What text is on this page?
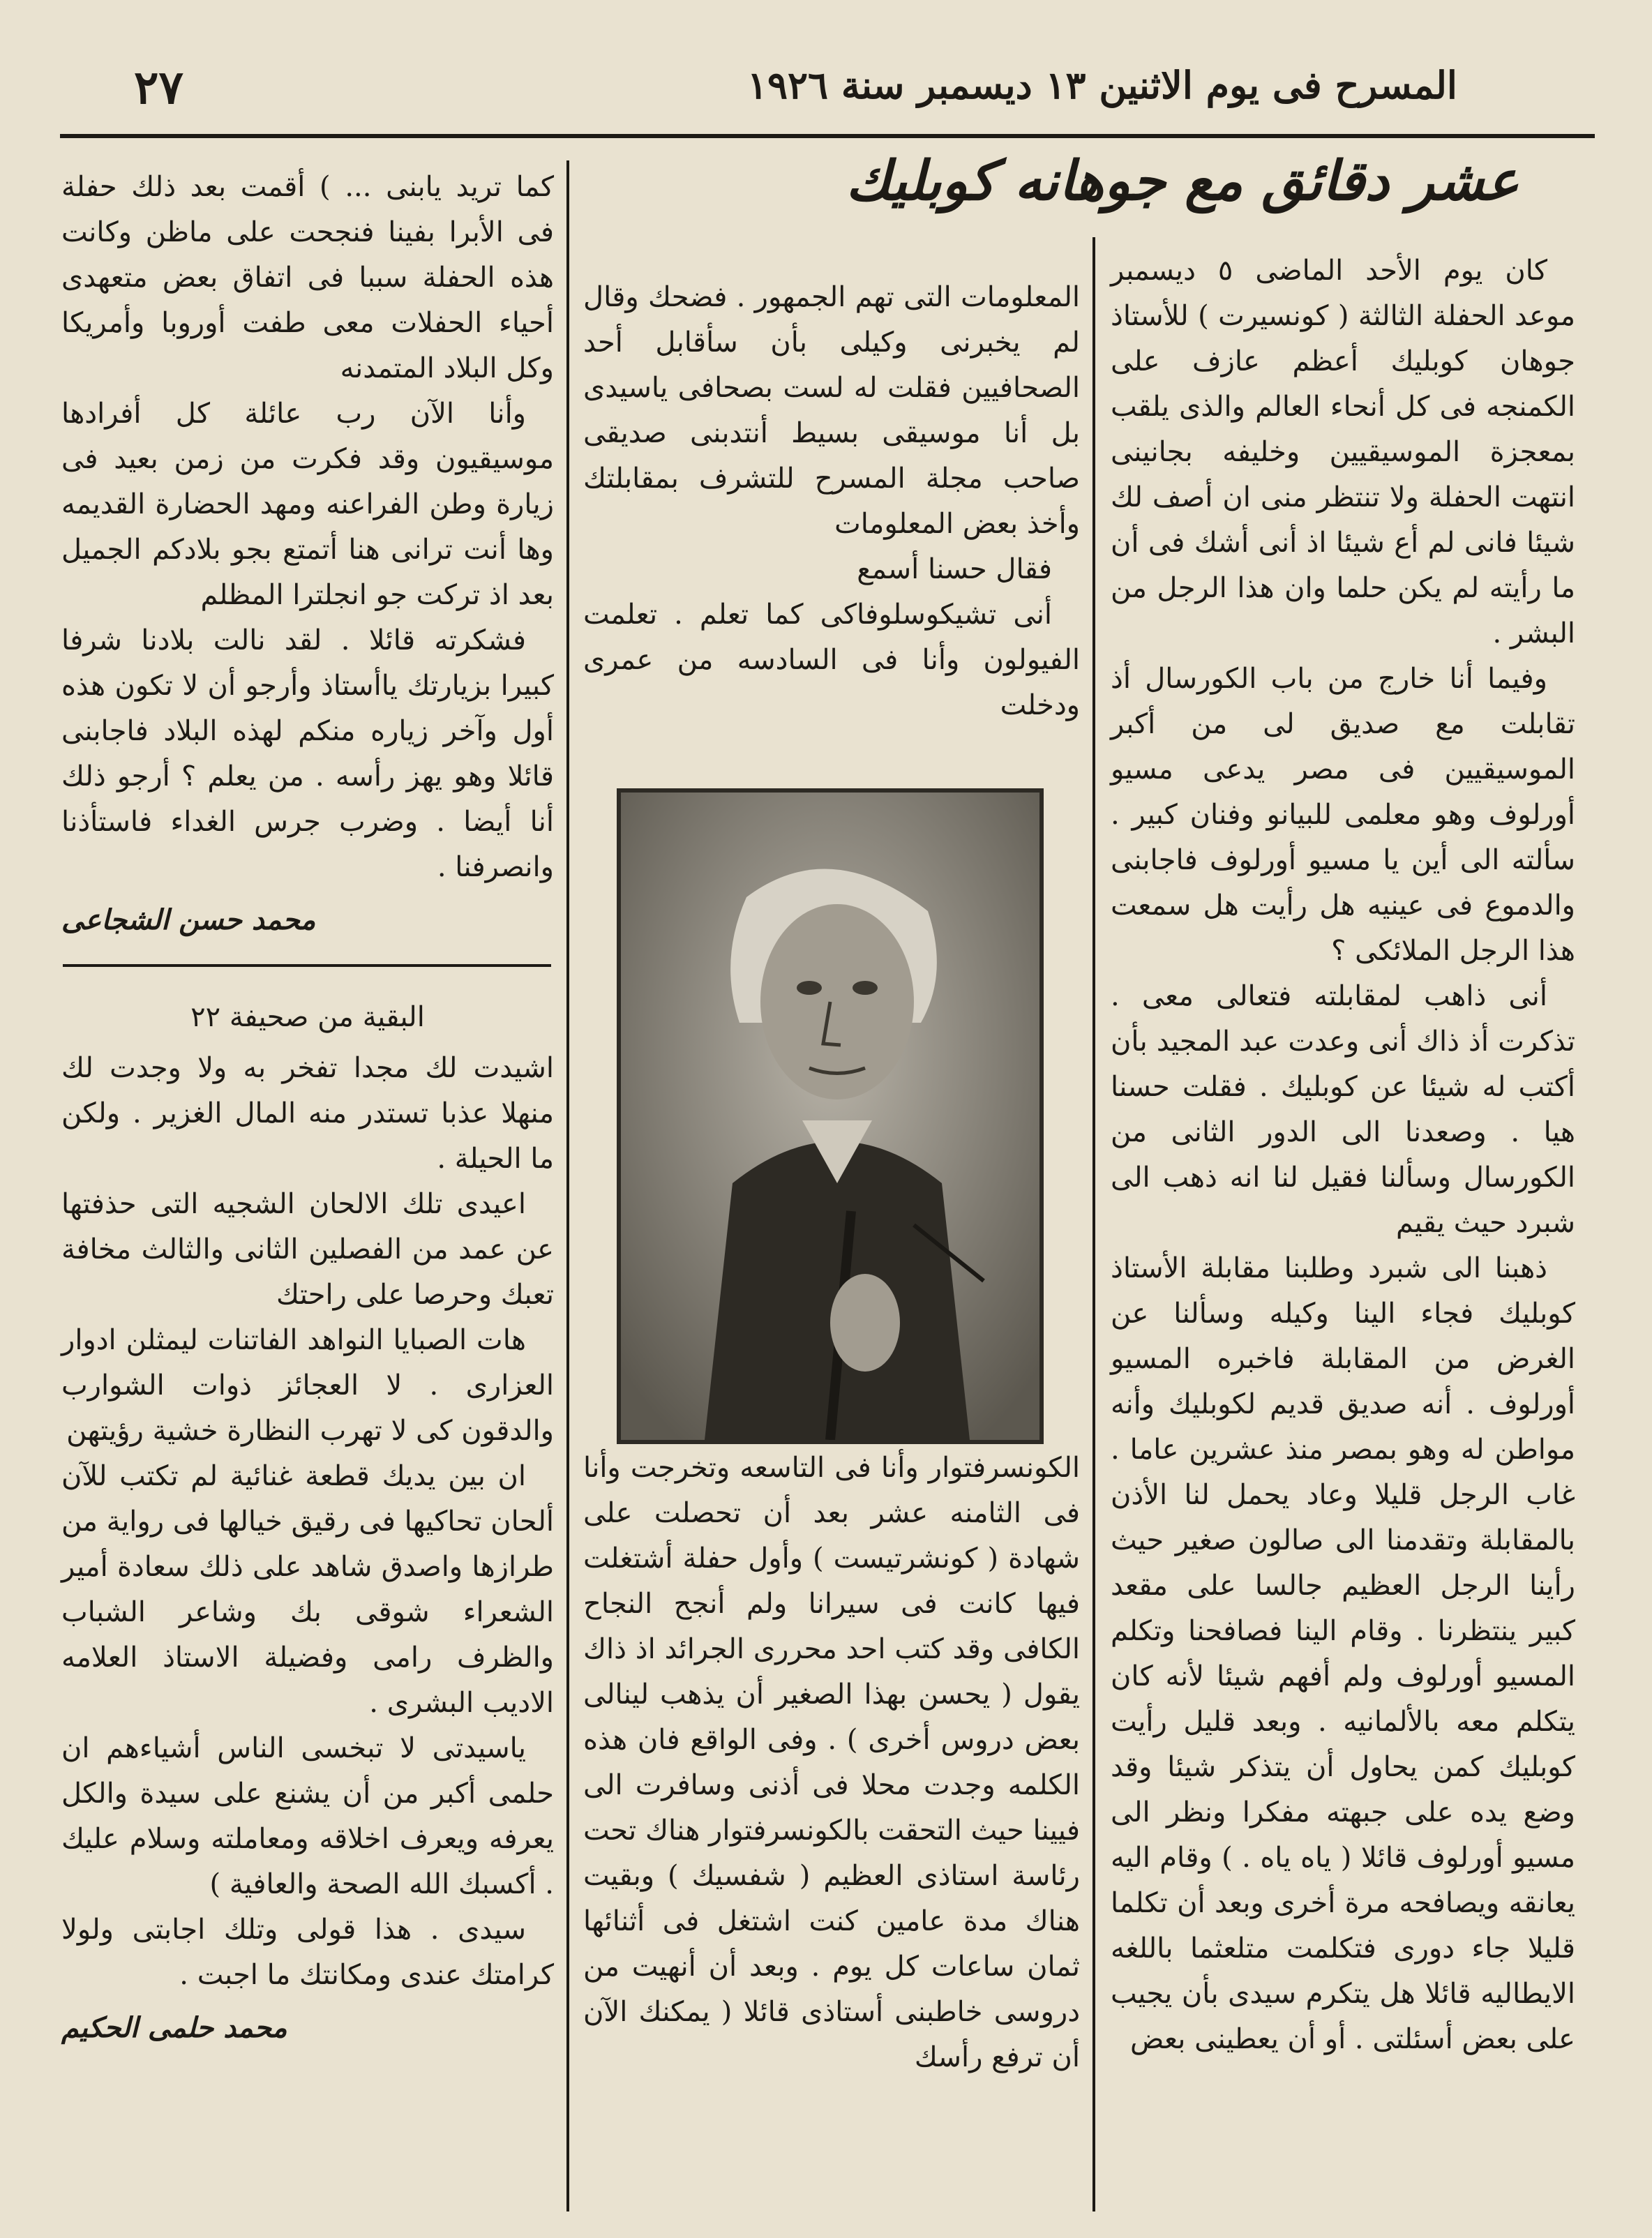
٢٧	المسرح فى يوم الاثنين ١٣ ديسمبر سنة ١٩٢٦
عشر دقائق مع جوهانه كوبليك

كان يوم الأحد الماضى ٥ ديسمبر موعد الحفلة الثالثة ( كونسيرت ) للأستاذ جوهان كوبليك أعظم عازف على الكمنجه فى كل أنحاء العالم والذى يلقب بمعجزة الموسيقيين وخليفه بجانينى انتهت الحفلة ولا تنتظر منى ان أصف لك شيئا فانى لم أع شيئا اذ أنى أشك فى أن ما رأيته لم يكن حلما وان هذا الرجل من البشر .

وفيما أنا خارج من باب الكورسال أذ تقابلت مع صديق لى من أكبر الموسيقيين فى مصر يدعى مسيو أورلوف وهو معلمى للبيانو وفنان كبير . سألته الى أين يا مسيو أورلوف فاجابنى والدموع فى عينيه هل رأيت هل سمعت هذا الرجل الملائكى ؟

أنى ذاهب لمقابلته فتعالى معى . تذكرت أذ ذاك أنى وعدت عبد المجيد بأن أكتب له شيئا عن كوبليك . فقلت حسنا هيا . وصعدنا الى الدور الثانى من الكورسال وسألنا فقيل لنا انه ذهب الى شبرد حيث يقيم

ذهبنا الى شبرد وطلبنا مقابلة الأستاذ كوبليك فجاء الينا وكيله وسألنا عن الغرض من المقابلة فاخبره المسيو أورلوف . أنه صديق قديم لكوبليك وأنه مواطن له وهو بمصر منذ عشرين عاما . غاب الرجل قليلا وعاد يحمل لنا الأذن بالمقابلة وتقدمنا الى صالون صغير حيث رأينا الرجل العظيم جالسا على مقعد كبير ينتظرنا . وقام الينا فصافحنا وتكلم المسيو أورلوف ولم أفهم شيئا لأنه كان يتكلم معه بالألمانيه . وبعد قليل رأيت كوبليك كمن يحاول أن يتذكر شيئا وقد وضع يده على جبهته مفكرا ونظر الى مسيو أورلوف قائلا ( ياه ياه . ) وقام اليه يعانقه ويصافحه مرة أخرى وبعد أن تكلما قليلا جاء دورى فتكلمت متلعثما باللغه الايطاليه قائلا هل يتكرم سيدى بأن يجيب على بعض أسئلتى . أو أن يعطينى بعض

المعلومات التى تهم الجمهور . فضحك وقال لم يخبرنى وكيلى بأن سأقابل أحد الصحافيين فقلت له لست بصحافى ياسيدى بل أنا موسيقى بسيط أنتدبنى صديقى صاحب مجلة المسرح للتشرف بمقابلتك وأخذ بعض المعلومات

فقال حسنا أسمع

أنى تشيكوسلوفاكى كما تعلم . تعلمت الفيولون وأنا فى السادسه من عمرى ودخلت

الكونسرفتوار وأنا فى التاسعه وتخرجت وأنا فى الثامنه عشر بعد أن تحصلت على شهادة ( كونشرتيست ) وأول حفلة أشتغلت فيها كانت فى سيرانا ولم أنجح النجاح الكافى وقد كتب احد محررى الجرائد اذ ذاك يقول ( يحسن بهذا الصغير أن يذهب لينالى بعض دروس أخرى ) . وفى الواقع فان هذه الكلمه وجدت محلا فى أذنى وسافرت الى فيينا حيث التحقت بالكونسرفتوار هناك تحت رئاسة استاذى العظيم ( شفسيك ) وبقيت هناك مدة عامين كنت اشتغل فى أثنائها ثمان ساعات كل يوم . وبعد أن أنهيت من دروسى خاطبنى أستاذى قائلا ( يمكنك الآن أن ترفع رأسك

كما تريد يابنى ... ) أقمت بعد ذلك حفلة فى الأبرا بفينا فنجحت على ماظن وكانت هذه الحفلة سببا فى اتفاق بعض متعهدى أحياء الحفلات معى طفت أوروبا وأمريكا وكل البلاد المتمدنه

وأنا الآن رب عائلة كل أفرادها موسيقيون وقد فكرت من زمن بعيد فى زيارة وطن الفراعنه ومهد الحضارة القديمه وها أنت ترانى هنا أتمتع بجو بلادكم الجميل بعد اذ تركت جو انجلترا المظلم

فشكرته قائلا . لقد نالت بلادنا شرفا كبيرا بزيارتك ياأستاذ وأرجو أن لا تكون هذه أول وآخر زياره منكم لهذه البلاد فاجابنى قائلا وهو يهز رأسه . من يعلم ؟ أرجو ذلك أنا أيضا . وضرب جرس الغداء فاستأذنا وانصرفنا .

محمد حسن الشجاعى

البقية من صحيفة ٢٢

اشيدت لك مجدا تفخر به ولا وجدت لك منهلا عذبا تستدر منه المال الغزير . ولكن ما الحيلة .

اعيدى تلك الالحان الشجيه التى حذفتها عن عمد من الفصلين الثانى والثالث مخافة تعبك وحرصا على راحتك

هات الصبايا النواهد الفاتنات ليمثلن ادوار العزارى . لا العجائز ذوات الشوارب والدقون كى لا تهرب النظارة خشية رؤيتهن

ان بين يديك قطعة غنائية لم تكتب للآن ألحان تحاكيها فى رقيق خيالها فى رواية من طرازها واصدق شاهد على ذلك سعادة أمير الشعراء شوقى بك وشاعر الشباب والظرف رامى وفضيلة الاستاذ العلامه الاديب البشرى .

ياسيدتى لا تبخسى الناس أشياءهم ان حلمى أكبر من أن يشنع على سيدة والكل يعرفه ويعرف اخلاقه ومعاملته وسلام عليك . أكسبك الله الصحة والعافية )

سيدى . هذا قولى وتلك اجابتى ولولا كرامتك عندى ومكانتك ما اجبت .

محمد حلمى الحكيم
